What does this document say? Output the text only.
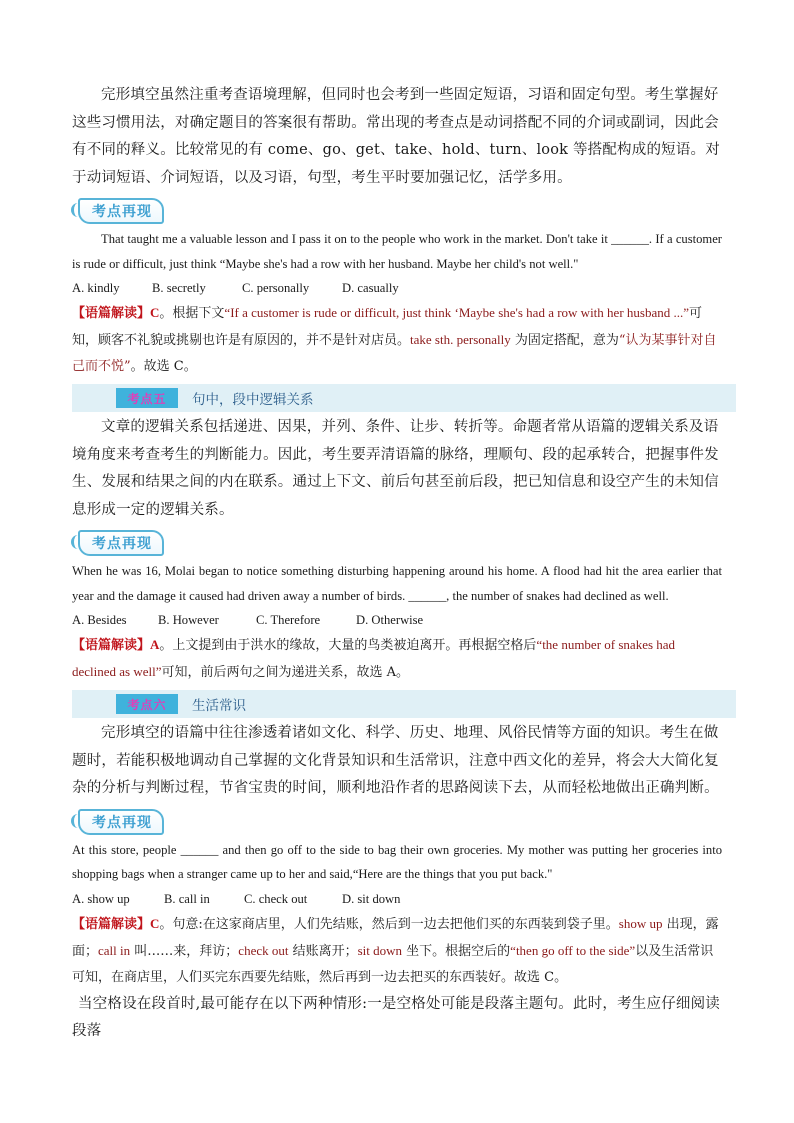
完形填空虽然注重考查语境理解，但同时也会考到一些固定短语，习语和固定句型。考生掌握好这些习惯用法，对确定题目的答案很有帮助。常出现的考查点是动词搭配不同的介词或副词，因此会有不同的释义。比较常见的有 come、go、get、take、hold、turn、look 等搭配构成的短语。对于动词短语、介词短语，以及习语，句型，考生平时要加强记忆，活学多用。

考点再现

That taught me a valuable lesson and I pass it on to the people who work in the market. Don't take it ______. If a customer is rude or difficult, just think “Maybe she's had a row with her husband. Maybe her child's not well."

A. kindly	B. secretly	C. personally	D. casually

【语篇解读】C。根据下文“If a customer is rude or difficult, just think ‘Maybe she's had a row with her husband ...”可知，顾客不礼貌或挑剔也许是有原因的，并不是针对店员。take sth. personally 为固定搭配，意为“认为某事针对自己而不悦”。故选 C。

考点五	句中，段中逻辑关系

文章的逻辑关系包括递进、因果，并列、条件、让步、转折等。命题者常从语篇的逻辑关系及语境角度来考查考生的判断能力。因此，考生要弄清语篇的脉络，理顺句、段的起承转合，把握事件发生、发展和结果之间的内在联系。通过上下文、前后句甚至前后段，把已知信息和设空产生的未知信息形成一定的逻辑关系。

考点再现

When he was 16, Molai began to notice something disturbing happening around his home. A flood had hit the area earlier that year and the damage it caused had driven away a number of birds. ______, the number of snakes had declined as well.

A. Besides	B. However	C. Therefore	D. Otherwise

【语篇解读】A。上文提到由于洪水的缘故，大量的鸟类被迫离开。再根据空格后“the number of snakes had declined as well”可知，前后两句之间为递进关系，故选 A。

考点六	生活常识

完形填空的语篇中往往渗透着诸如文化、科学、历史、地理、风俗民情等方面的知识。考生在做题时，若能积极地调动自己掌握的文化背景知识和生活常识，注意中西文化的差异，将会大大简化复杂的分析与判断过程，节省宝贵的时间，顺利地沿作者的思路阅读下去，从而轻松地做出正确判断。

考点再现

At this store, people ______ and then go off to the side to bag their own groceries. My mother was putting her groceries into shopping bags when a stranger came up to her and said,“Here are the things that you put back."

A. show up	B. call in	C. check out	D. sit down

【语篇解读】C。句意:在这家商店里，人们先结账，然后到一边去把他们买的东西装到袋子里。show up 出现，露面；call in 叫……来，拜访；check out 结账离开；sit down 坐下。根据空后的“then go off to the side”以及生活常识可知，在商店里，人们买完东西要先结账，然后再到一边去把买的东西装好。故选 C。

当空格设在段首时,最可能存在以下两种情形:一是空格处可能是段落主题句。此时，考生应仔细阅读段落
